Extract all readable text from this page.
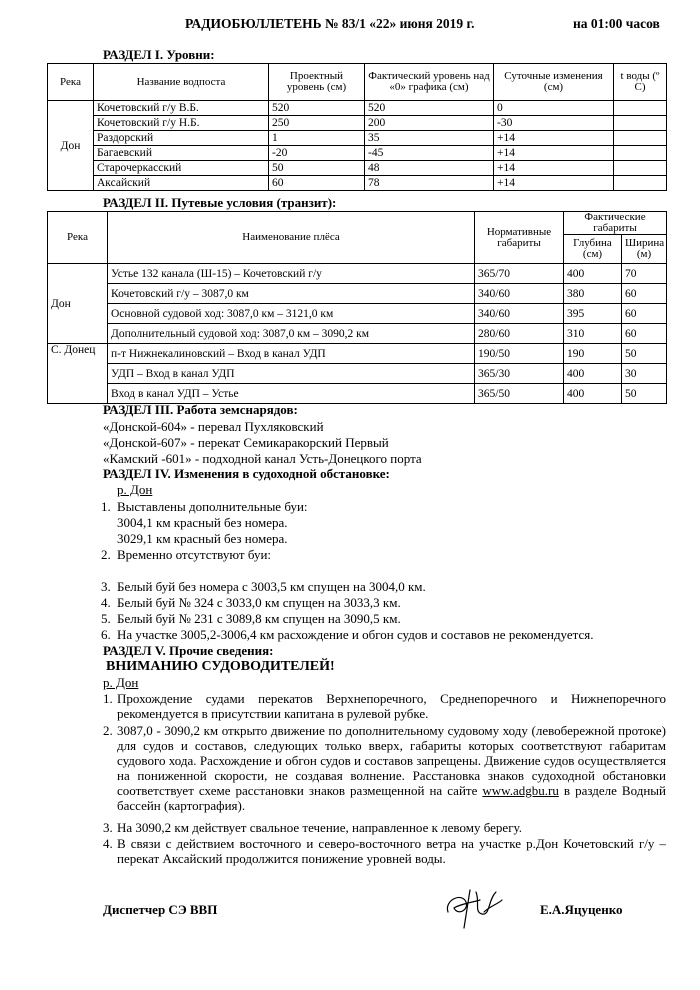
РАДИОБЮЛЛЕТЕНЬ № 83/1 «22» июня 2019 г.	на 01:00 часов
РАЗДЕЛ I. Уровни:
Река	Название водпоста	Проектный уровень (см)	Фактический уровень над «0» графика (см)	Суточные изменения (см)	t воды (º С)
Дон	Кочетовский г/у В.Б.	520	520	0	
	Кочетовский г/у Н.Б.	250	200	-30	
	Раздорский	1	35	+14	
	Багаевский	-20	-45	+14	
	Старочеркасский	50	48	+14	
	Аксайский	60	78	+14	
РАЗДЕЛ II. Путевые условия (транзит):
Река	Наименование плёса	Нормативные габариты	Фактические габариты	
			Глубина (см)	Ширина (м)
Дон	Устье 132 канала (Ш-15) – Кочетовский г/у	365/70	400	70
	Кочетовский г/у – 3087,0 км	340/60	380	60
	Основной судовой ход: 3087,0 км – 3121,0 км	340/60	395	60
	Дополнительный судовой ход: 3087,0 км – 3090,2 км	280/60	310	60
С. Донец	п-т Нижнекалиновский – Вход в канал УДП	190/50	190	50
	УДП – Вход в канал УДП	365/30	400	30
	Вход в канал УДП – Устье	365/50	400	50
РАЗДЕЛ III. Работа земснарядов:
«Донской-604» - перевал Пухляковский
«Донской-607» - перекат Семикаракорский Первый
«Камский -601» - подходной канал Усть-Донецкого порта
РАЗДЕЛ IV. Изменения в судоходной обстановке:
р. Дон
1. Выставлены дополнительные буи:
3004,1 км красный без номера.
3029,1 км красный без номера.
2. Временно отсутствуют буи:
3. Белый буй без номера с 3003,5 км спущен на 3004,0 км.
4. Белый буй № 324 с 3033,0 км спущен на 3033,3 км.
5. Белый буй № 231 с 3089,8 км спущен на 3090,5 км.
6. На участке 3005,2-3006,4 км расхождение и обгон судов и составов не рекомендуется.
РАЗДЕЛ V. Прочие сведения:
ВНИМАНИЮ СУДОВОДИТЕЛЕЙ!
р. Дон
1. Прохождение судами перекатов Верхнепоречного, Среднепоречного и Нижнепоречного рекомендуется в присутствии капитана в рулевой рубке.
2. 3087,0 - 3090,2 км открыто движение по дополнительному судовому ходу (левобережной протоке) для судов и составов, следующих только вверх, габариты которых соответствуют габаритам судового хода. Расхождение и обгон судов и составов запрещены. Движение судов осуществляется на пониженной скорости, не создавая волнение. Расстановка знаков судоходной обстановки соответствует схеме расстановки знаков размещенной на сайте www.adgbu.ru в разделе Водный бассейн (картография).
3. На 3090,2 км действует свальное течение, направленное к левому берегу.
4. В связи с действием восточного и северо-восточного ветра на участке р.Дон Кочетовский г/у – перекат Аксайский продолжится понижение уровней воды.
Диспетчер СЭ ВВП	Е.А.Яцуценко
